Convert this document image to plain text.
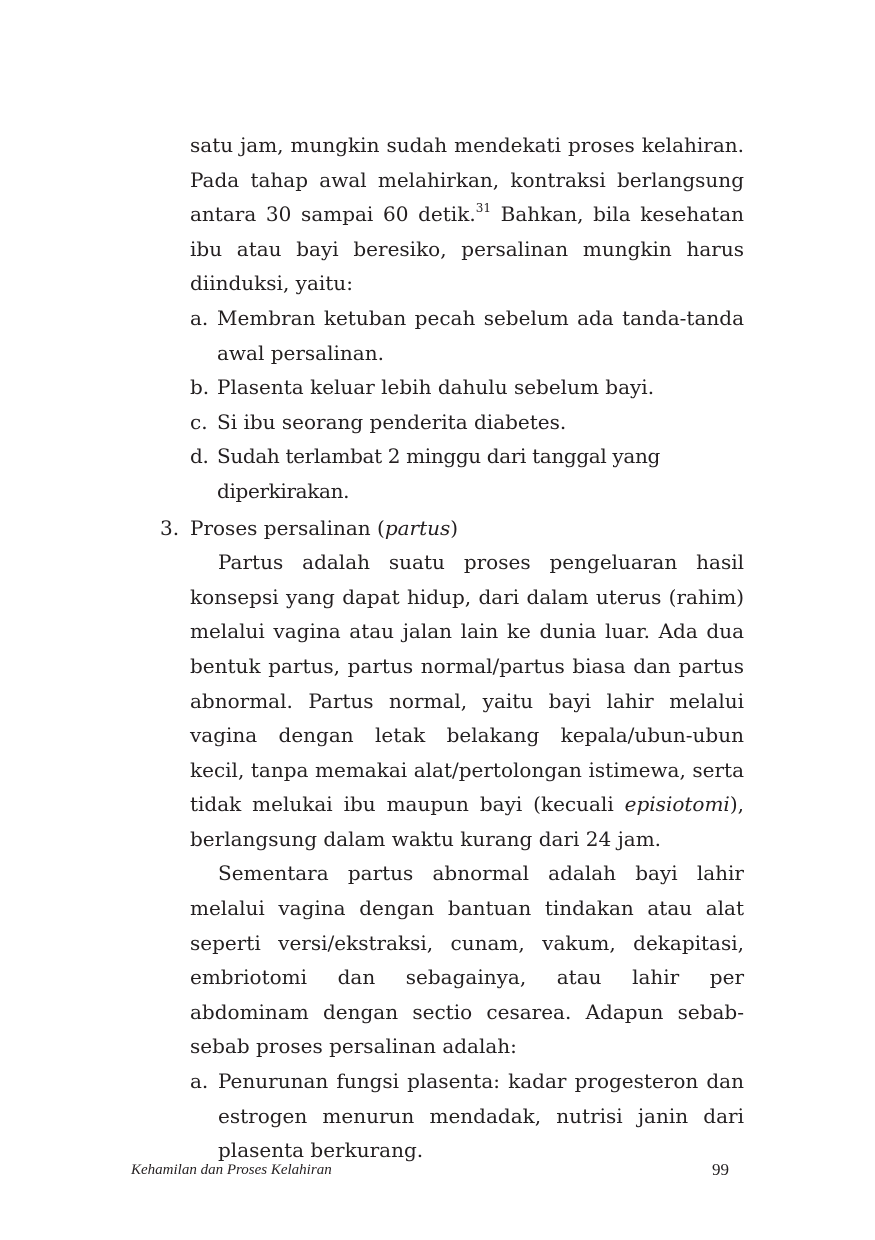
satu jam, mungkin sudah mendekati proses kelahiran. Pada tahap awal melahirkan, kontraksi berlangsung antara 30 sampai 60 detik.$^{31}$ Bahkan, bila kesehatan ibu atau bayi beresiko, persalinan mungkin harus diinduksi, yaitu:

a. Membran ketuban pecah sebelum ada tanda-tanda awal persalinan.
b. Plasenta keluar lebih dahulu sebelum bayi.
c. Si ibu seorang penderita diabetes.
d. Sudah terlambat 2 minggu dari tanggal yang diperkirakan.
3. Proses persalinan (partus)

Partus adalah suatu proses pengeluaran hasil konsepsi yang dapat hidup, dari dalam uterus (rahim) melalui vagina atau jalan lain ke dunia luar. Ada dua bentuk partus, partus normal/partus biasa dan partus abnormal. Partus normal, yaitu bayi lahir melalui vagina dengan letak belakang kepala/ubun-ubun kecil, tanpa memakai alat/pertolongan istimewa, serta tidak melukai ibu maupun bayi (kecuali episiotomi), berlangsung dalam waktu kurang dari 24 jam.

Sementara partus abnormal adalah bayi lahir melalui vagina dengan bantuan tindakan atau alat seperti versi/ekstraksi, cunam, vakum, dekapitasi, embriotomi dan sebagainya, atau lahir per abdominam dengan sectio cesarea. Adapun sebab-sebab proses persalinan adalah:

a. Penurunan fungsi plasenta: kadar progesteron dan estrogen menurun mendadak, nutrisi janin dari plasenta berkurang.
Kehamilan dan Proses Kelahiran	99
